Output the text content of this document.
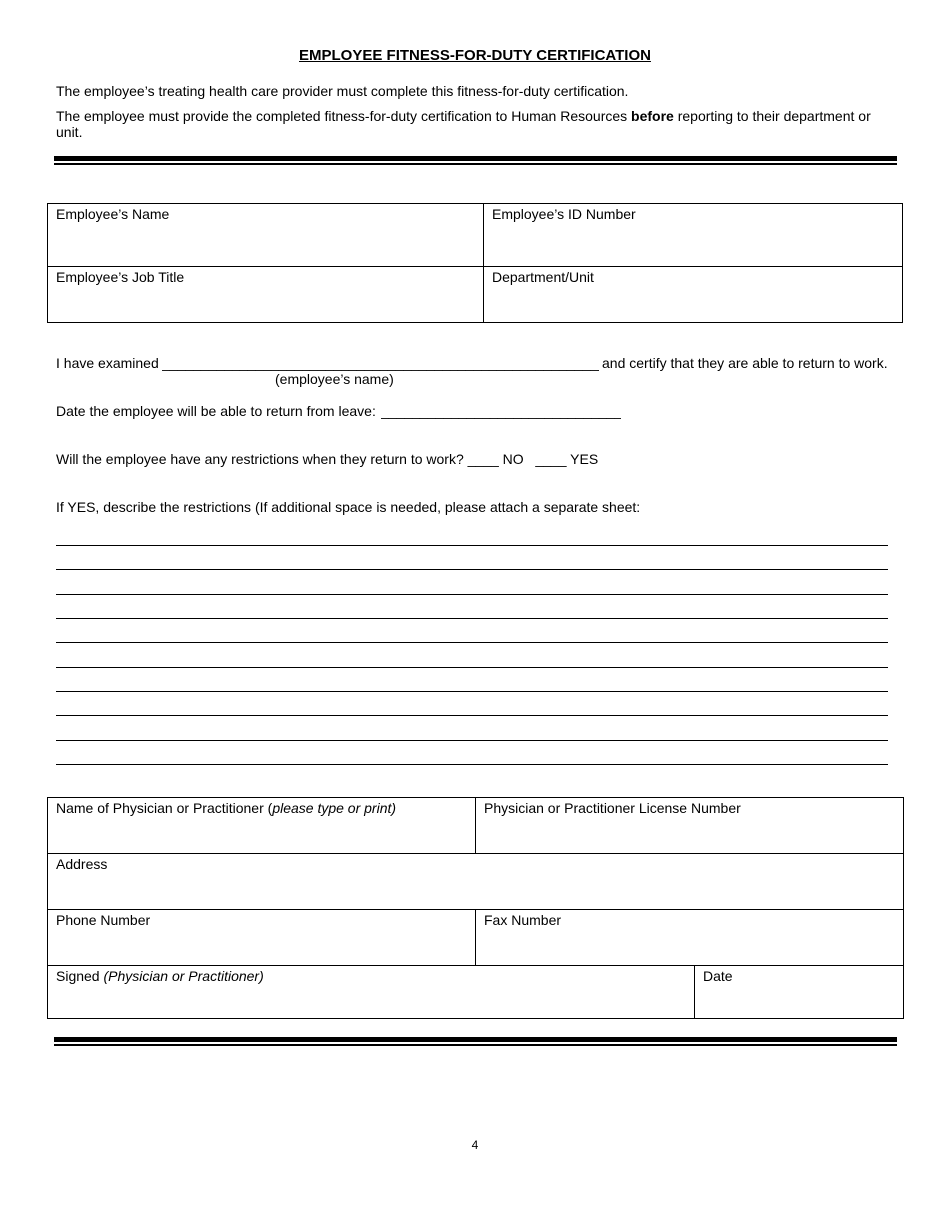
EMPLOYEE FITNESS-FOR-DUTY CERTIFICATION
The employee’s treating health care provider must complete this fitness-for-duty certification.
The employee must provide the completed fitness-for-duty certification to Human Resources before reporting to their department or unit.
Employee’s Name	Employee’s ID Number
Employee’s Job Title	Department/Unit
I have examined _____	and certify that they are able to return to work.
(employee’s name)
Date the employee will be able to return from leave:
_____
Will the employee have any restrictions when they return to work? ____ NO ____ YES
If YES, describe the restrictions (If additional space is needed, please attach a separate sheet:
Name of Physician or Practitioner (please type or print)	Physician or Practitioner License Number	
Address		
Phone Number	Fax Number	
Signed (Physician or Practitioner)		Date
4
